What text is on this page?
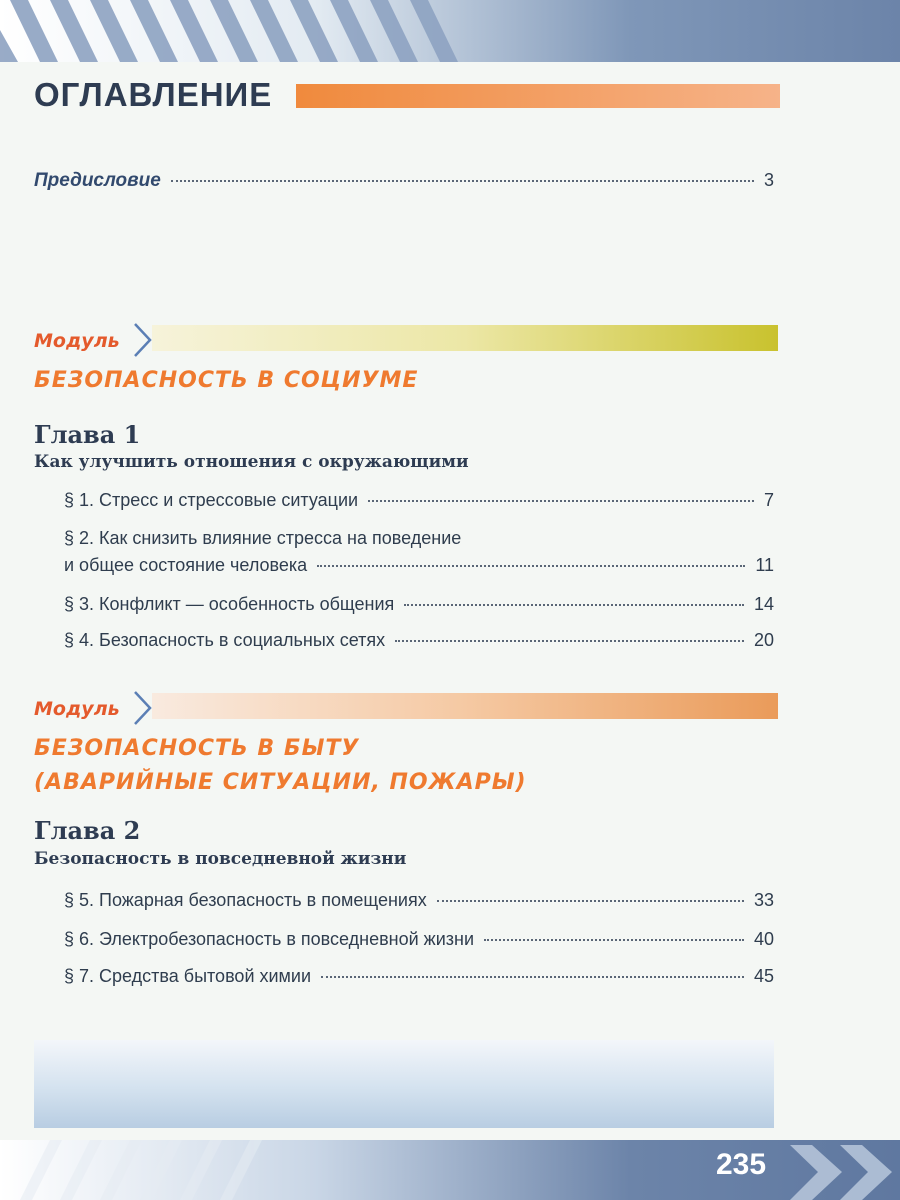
ОГЛАВЛЕНИЕ
Предисловие	3
Модуль
БЕЗОПАСНОСТЬ В СОЦИУМЕ
Глава 1
Как улучшить отношения с окружающими
§ 1. Стресс и стрессовые ситуации	7
§ 2. Как снизить влияние стресса на поведение
и общее состояние человека	11
§ 3. Конфликт — особенность общения	14
§ 4. Безопасность в социальных сетях	20
Модуль
БЕЗОПАСНОСТЬ В БЫТУ
(АВАРИЙНЫЕ СИТУАЦИИ, ПОЖАРЫ)
Глава 2
Безопасность в повседневной жизни
§ 5. Пожарная безопасность в помещениях	33
§ 6. Электробезопасность в повседневной жизни	40
§ 7. Средства бытовой химии	45
235
